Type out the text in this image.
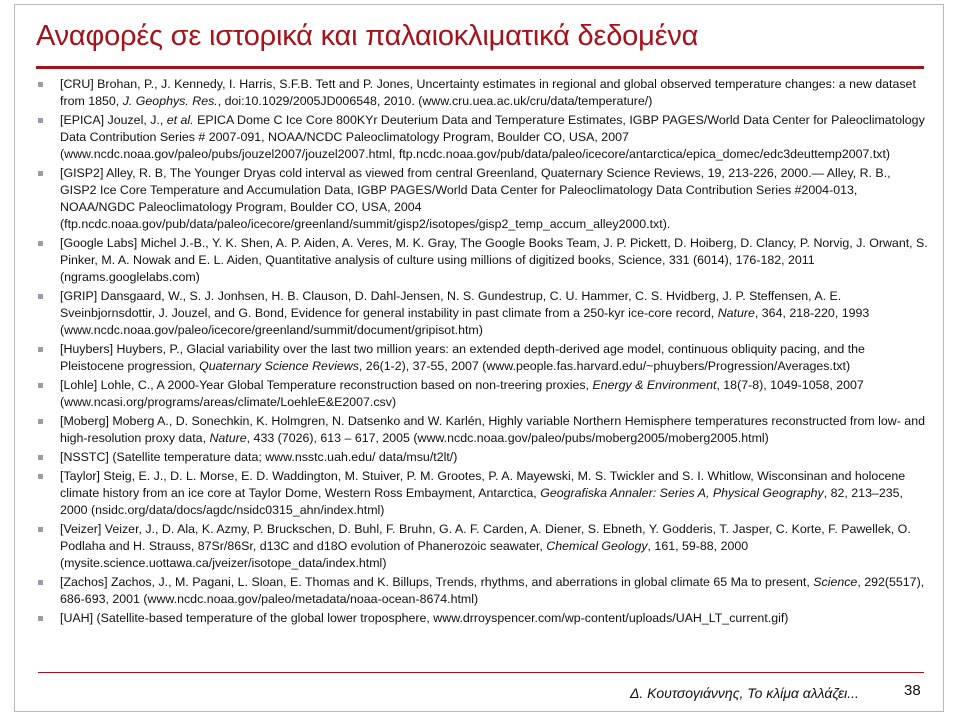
Αναφορές σε ιστορικά και παλαιοκλιματικά δεδομένα
[CRU] Brohan, P., J. Kennedy, I. Harris, S.F.B. Tett and P. Jones, Uncertainty estimates in regional and global observed temperature changes: a new dataset from 1850, J. Geophys. Res., doi:10.1029/2005JD006548, 2010. (www.cru.uea.ac.uk/cru/data/temperature/)
[EPICA] Jouzel, J., et al. EPICA Dome C Ice Core 800KYr Deuterium Data and Temperature Estimates, IGBP PAGES/World Data Center for Paleoclimatology Data Contribution Series # 2007-091, NOAA/NCDC Paleoclimatology Program, Boulder CO, USA, 2007 (www.ncdc.noaa.gov/paleo/pubs/jouzel2007/jouzel2007.html, ftp.ncdc.noaa.gov/pub/data/paleo/icecore/antarctica/epica_domec/edc3deuttemp2007.txt)
[GISP2] Alley, R. B, The Younger Dryas cold interval as viewed from central Greenland, Quaternary Science Reviews, 19, 213-226, 2000.— Alley, R. B., GISP2 Ice Core Temperature and Accumulation Data, IGBP PAGES/World Data Center for Paleoclimatology Data Contribution Series #2004-013, NOAA/NGDC Paleoclimatology Program, Boulder CO, USA, 2004 (ftp.ncdc.noaa.gov/pub/data/paleo/icecore/greenland/summit/gisp2/isotopes/gisp2_temp_accum_alley2000.txt).
[Google Labs] Michel J.-B., Y. K. Shen, A. P. Aiden, A. Veres, M. K. Gray, The Google Books Team, J. P. Pickett, D. Hoiberg, D. Clancy, P. Norvig, J. Orwant, S. Pinker, M. A. Nowak and E. L. Aiden, Quantitative analysis of culture using millions of digitized books, Science, 331 (6014), 176-182, 2011 (ngrams.googlelabs.com)
[GRIP] Dansgaard, W., S. J. Jonhsen, H. B. Clauson, D. Dahl-Jensen, N. S. Gundestrup, C. U. Hammer, C. S. Hvidberg, J. P. Steffensen, A. E. Sveinbjornsdottir, J. Jouzel, and G. Bond, Evidence for general instability in past climate from a 250-kyr ice-core record, Nature, 364, 218-220, 1993 (www.ncdc.noaa.gov/paleo/icecore/greenland/summit/document/gripisot.htm)
[Huybers] Huybers, P., Glacial variability over the last two million years: an extended depth-derived age model, continuous obliquity pacing, and the Pleistocene progression, Quaternary Science Reviews, 26(1-2), 37-55, 2007 (www.people.fas.harvard.edu/~phuybers/Progression/Averages.txt)
[Lohle] Lohle, C., A 2000-Year Global Temperature reconstruction based on non-treering proxies, Energy & Environment, 18(7-8), 1049-1058, 2007 (www.ncasi.org/programs/areas/climate/LoehleE&E2007.csv)
[Moberg] Moberg A., D. Sonechkin, K. Holmgren, N. Datsenko and W. Karlén, Highly variable Northern Hemisphere temperatures reconstructed from low- and high-resolution proxy data, Nature, 433 (7026), 613 – 617, 2005 (www.ncdc.noaa.gov/paleo/pubs/moberg2005/moberg2005.html)
[NSSTC] (Satellite temperature data; www.nsstc.uah.edu/ data/msu/t2lt/)
[Taylor] Steig, E. J., D. L. Morse, E. D. Waddington, M. Stuiver, P. M. Grootes, P. A. Mayewski, M. S. Twickler and S. I. Whitlow, Wisconsinan and holocene climate history from an ice core at Taylor Dome, Western Ross Embayment, Antarctica, Geografiska Annaler: Series A, Physical Geography, 82, 213–235, 2000 (nsidc.org/data/docs/agdc/nsidc0315_ahn/index.html)
[Veizer] Veizer, J., D. Ala, K. Azmy, P. Bruckschen, D. Buhl, F. Bruhn, G. A. F. Carden, A. Diener, S. Ebneth, Y. Godderis, T. Jasper, C. Korte, F. Pawellek, O. Podlaha and H. Strauss, 87Sr/86Sr, d13C and d18O evolution of Phanerozoic seawater, Chemical Geology, 161, 59-88, 2000 (mysite.science.uottawa.ca/jveizer/isotope_data/index.html)
[Zachos] Zachos, J., M. Pagani, L. Sloan, E. Thomas and K. Billups, Trends, rhythms, and aberrations in global climate 65 Ma to present, Science, 292(5517), 686-693, 2001 (www.ncdc.noaa.gov/paleo/metadata/noaa-ocean-8674.html)
[UAH] (Satellite-based temperature of the global lower troposphere, www.drroyspencer.com/wp-content/uploads/UAH_LT_current.gif)
Δ. Κουτσογιάννης, Το κλίμα αλλάζει...	38
